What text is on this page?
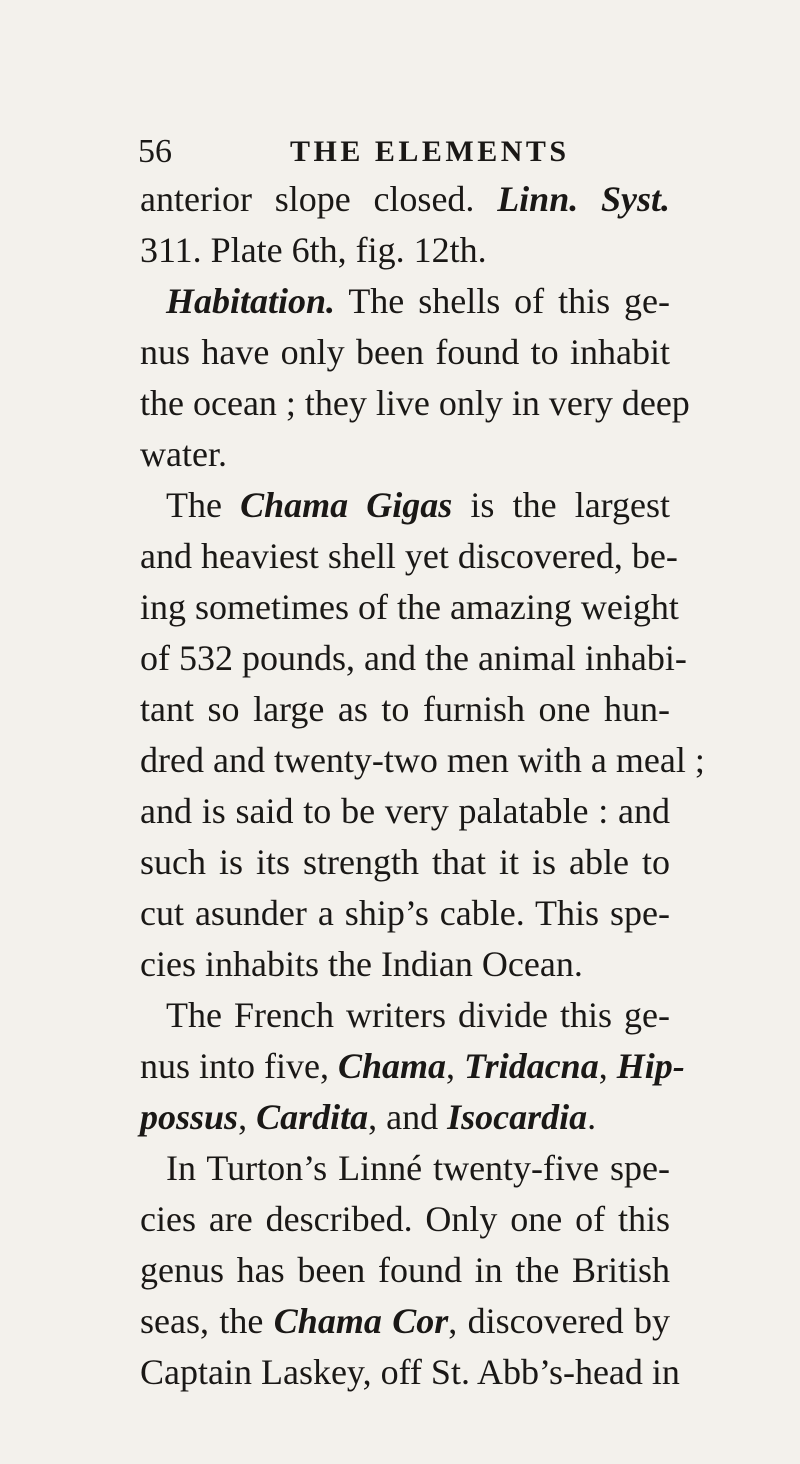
56	THE ELEMENTS
anterior slope closed. Linn. Syst.
311. Plate 6th, fig. 12th.
Habitation. The shells of this ge-
nus have only been found to inhabit
the ocean ; they live only in very deep
water.
The Chama Gigas is the largest
and heaviest shell yet discovered, be-
ing sometimes of the amazing weight
of 532 pounds, and the animal inhabi-
tant so large as to furnish one hun-
dred and twenty-two men with a meal ;
and is said to be very palatable : and
such is its strength that it is able to
cut asunder a ship’s cable. This spe-
cies inhabits the Indian Ocean.
The French writers divide this ge-
nus into five, Chama, Tridacna, Hip-
possus, Cardita, and Isocardia.
In Turton’s Linné twenty-five spe-
cies are described. Only one of this
genus has been found in the British
seas, the Chama Cor, discovered by
Captain Laskey, off St. Abb’s-head in
